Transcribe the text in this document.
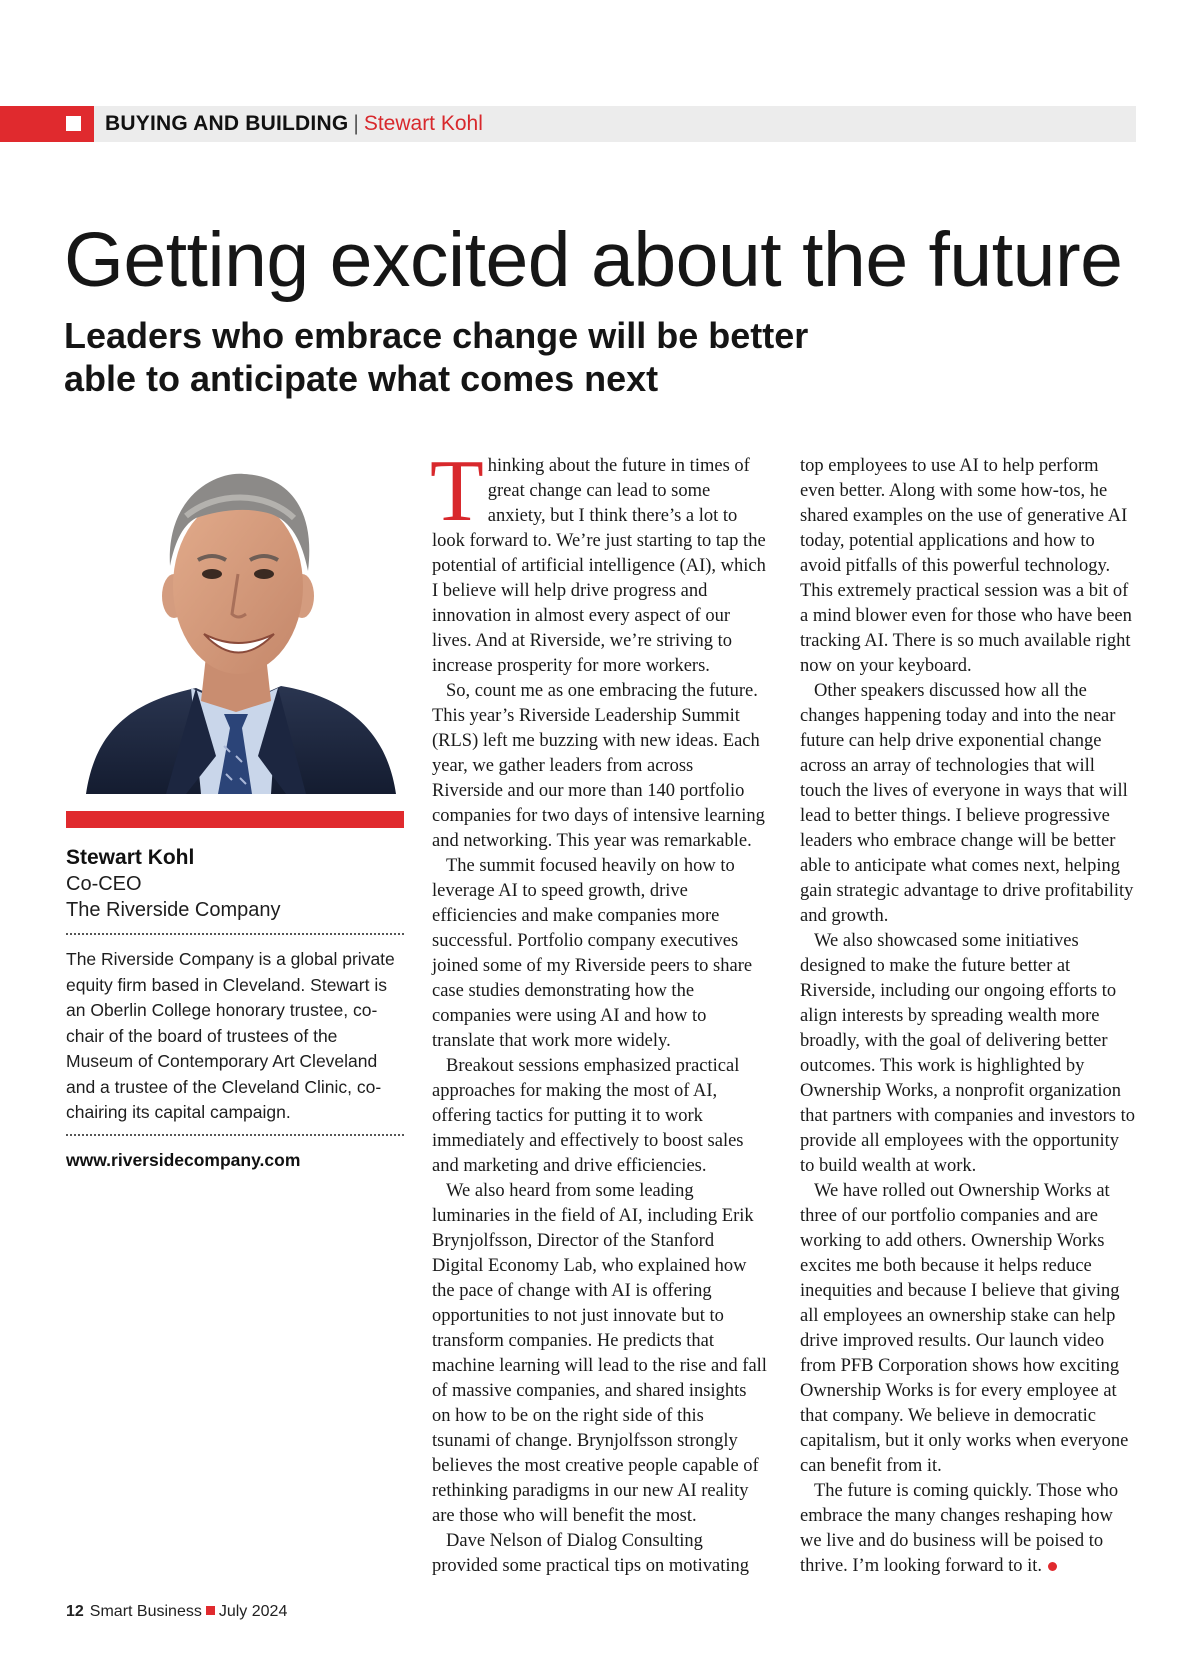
BUYING AND BUILDING | Stewart Kohl
Getting excited about the future
Leaders who embrace change will be better able to anticipate what comes next
Stewart Kohl
Co-CEO
The Riverside Company
The Riverside Company is a global private equity firm based in Cleveland. Stewart is an Oberlin College honorary trustee, co-chair of the board of trustees of the Museum of Contemporary Art Cleveland and a trustee of the Cleveland Clinic, co-chairing its capital campaign.
www.riversidecompany.com

Thinking about the future in times of great change can lead to some anxiety, but I think there’s a lot to look forward to. We’re just starting to tap the potential of artificial intelligence (AI), which I believe will help drive progress and innovation in almost every aspect of our lives. And at Riverside, we’re striving to increase prosperity for more workers.

So, count me as one embracing the future. This year’s Riverside Leadership Summit (RLS) left me buzzing with new ideas. Each year, we gather leaders from across Riverside and our more than 140 portfolio companies for two days of intensive learning and networking. This year was remarkable.

The summit focused heavily on how to leverage AI to speed growth, drive efficiencies and make companies more successful. Portfolio company executives joined some of my Riverside peers to share case studies demonstrating how the companies were using AI and how to translate that work more widely.

Breakout sessions emphasized practical approaches for making the most of AI, offering tactics for putting it to work immediately and effectively to boost sales and marketing and drive efficiencies.

We also heard from some leading luminaries in the field of AI, including Erik Brynjolfsson, Director of the Stanford Digital Economy Lab, who explained how the pace of change with AI is offering opportunities to not just innovate but to transform companies. He predicts that machine learning will lead to the rise and fall of massive companies, and shared insights on how to be on the right side of this tsunami of change. Brynjolfsson strongly believes the most creative people capable of rethinking paradigms in our new AI reality are those who will benefit the most.

Dave Nelson of Dialog Consulting provided some practical tips on motivating

top employees to use AI to help perform even better. Along with some how-tos, he shared examples on the use of generative AI today, potential applications and how to avoid pitfalls of this powerful technology. This extremely practical session was a bit of a mind blower even for those who have been tracking AI. There is so much available right now on your keyboard.

Other speakers discussed how all the changes happening today and into the near future can help drive exponential change across an array of technologies that will touch the lives of everyone in ways that will lead to better things. I believe progressive leaders who embrace change will be better able to anticipate what comes next, helping gain strategic advantage to drive profitability and growth.

We also showcased some initiatives designed to make the future better at Riverside, including our ongoing efforts to align interests by spreading wealth more broadly, with the goal of delivering better outcomes. This work is highlighted by Ownership Works, a nonprofit organization that partners with companies and investors to provide all employees with the opportunity to build wealth at work.

We have rolled out Ownership Works at three of our portfolio companies and are working to add others. Ownership Works excites me both because it helps reduce inequities and because I believe that giving all employees an ownership stake can help drive improved results. Our launch video from PFB Corporation shows how exciting Ownership Works is for every employee at that company. We believe in democratic capitalism, but it only works when everyone can benefit from it.

The future is coming quickly. Those who embrace the many changes reshaping how we live and do business will be poised to thrive. I’m looking forward to it.

12 Smart Business July 2024
